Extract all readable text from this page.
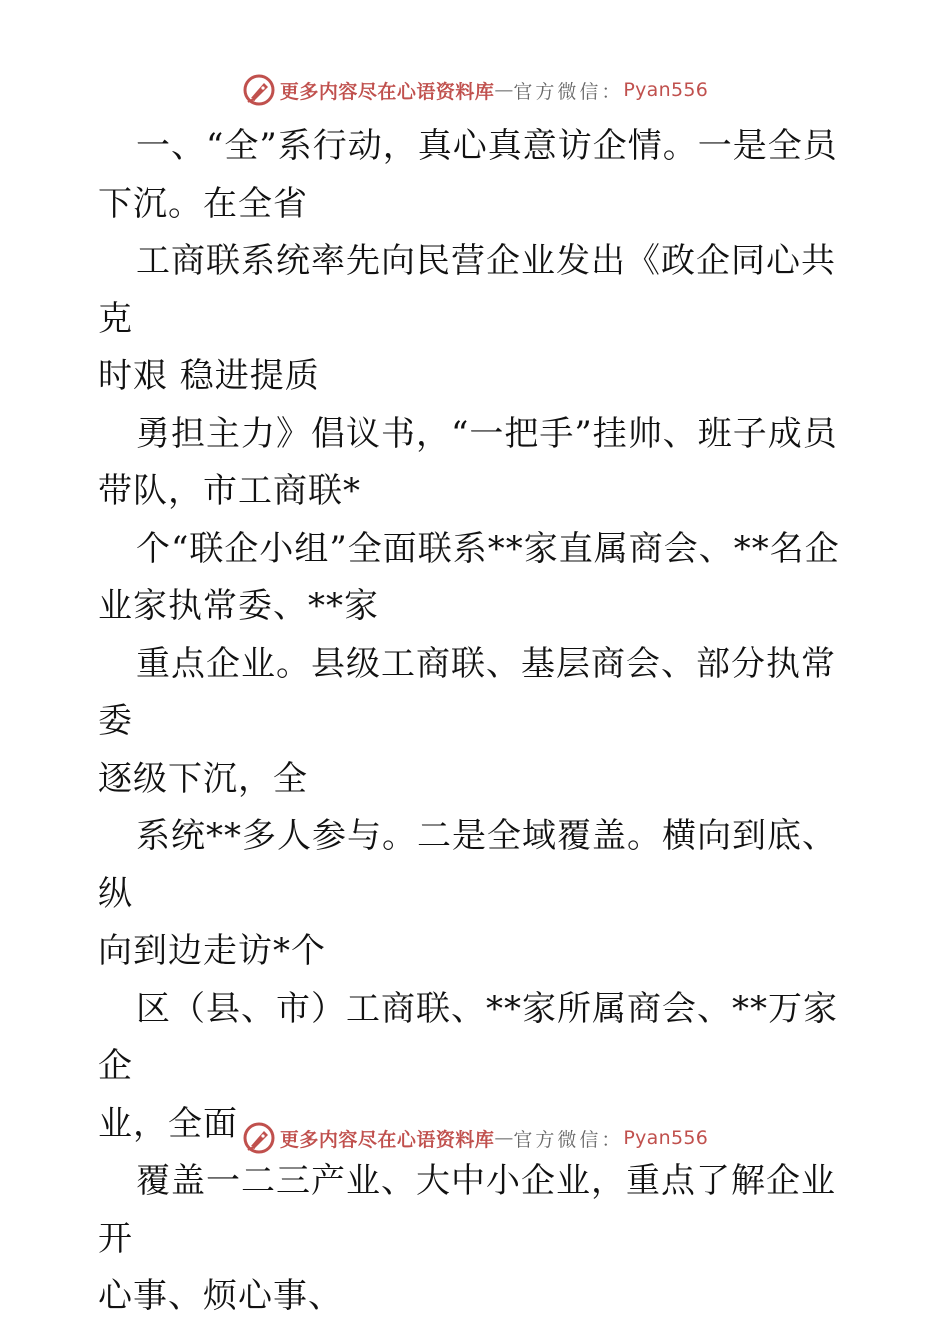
更多内容尽在心语资料库 — 官方微信： Pyan556

一、“全”系行动，真心真意访企情。一是全员
下沉。在全省

工商联系统率先向民营企业发出《政企同心共克
时艰 稳进提质

勇担主力》倡议书，“一把手”挂帅、班子成员
带队，市工商联*

个“联企小组”全面联系**家直属商会、**名企
业家执常委、**家

重点企业。县级工商联、基层商会、部分执常委
逐级下沉，全

系统**多人参与。二是全域覆盖。横向到底、纵
向到边走访*个

区（县、市）工商联、**家所属商会、**万家企
业，全面

覆盖一二三产业、大中小企业，重点了解企业开
心事、烦心事、

更多内容尽在心语资料库 — 官方微信： Pyan556
